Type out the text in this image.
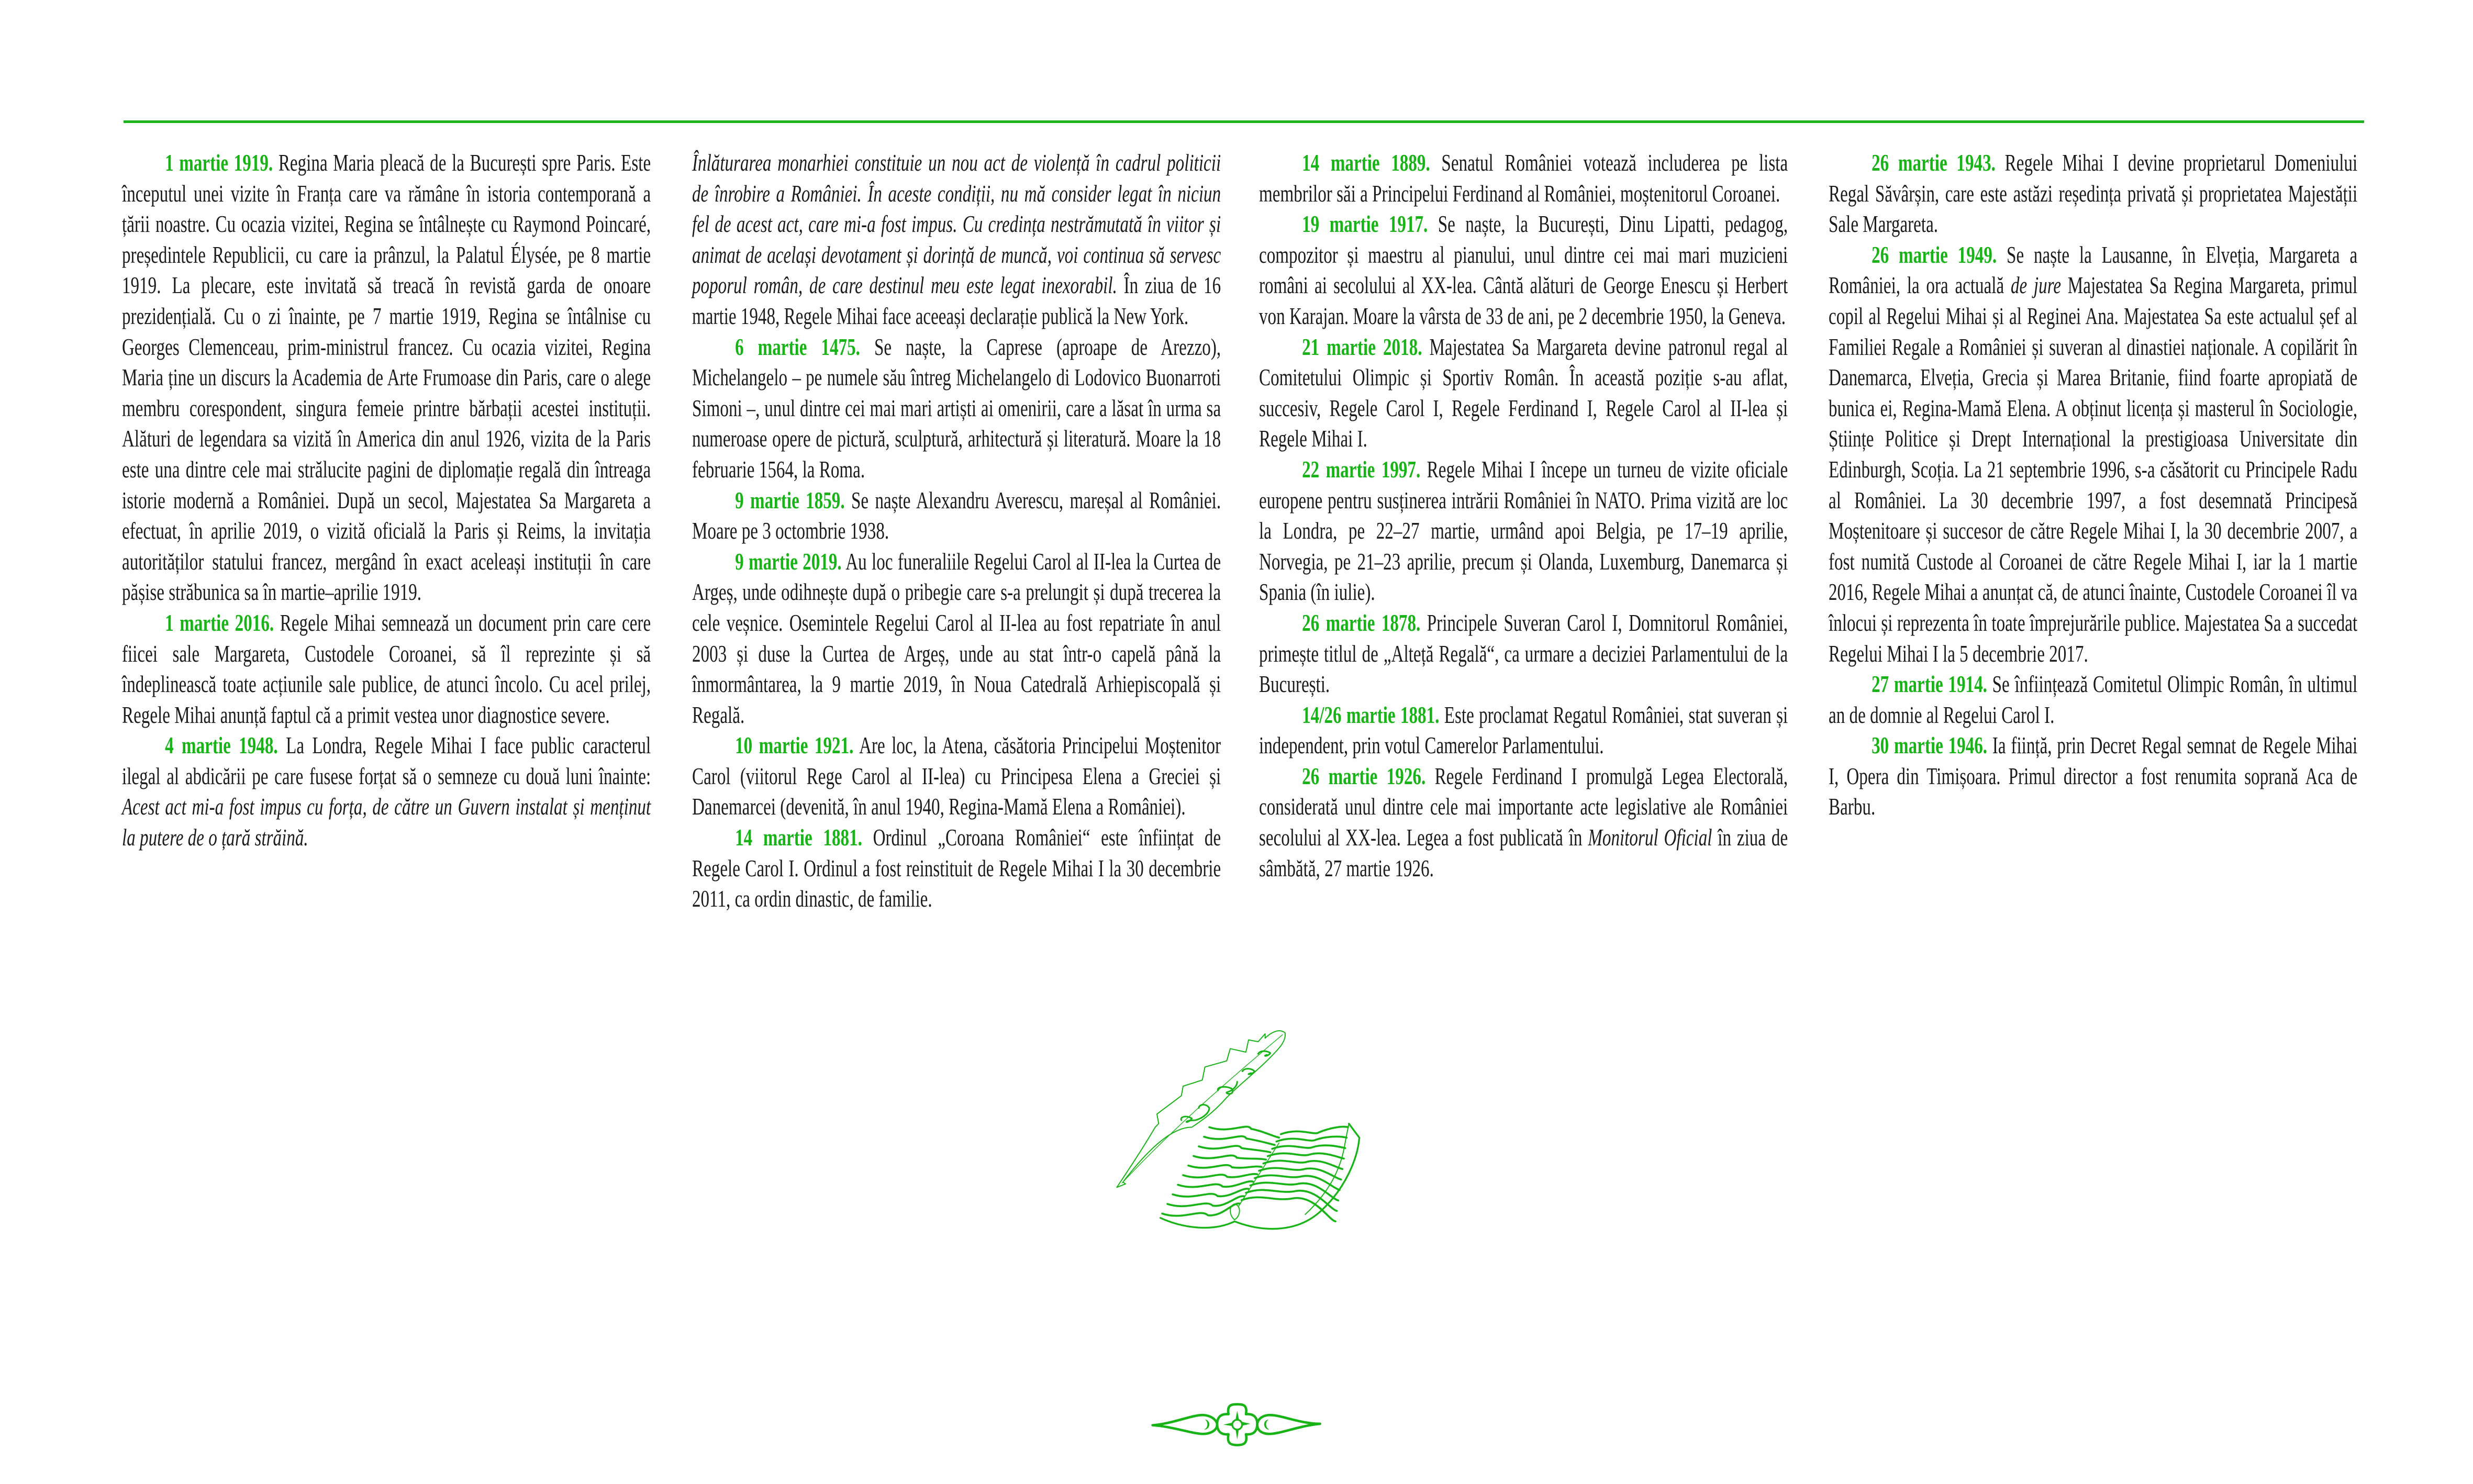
1 martie 1919. Regina Maria pleacă de la București spre Paris. Este începutul unei vizite în Franța care va rămâne în istoria contemporană a țării noastre. Cu ocazia vizitei, Regina se întâlnește cu Raymond Poincaré, președintele Republicii, cu care ia prânzul, la Palatul Élysée, pe 8 martie 1919. La plecare, este invitată să treacă în revistă garda de onoare prezidențială. Cu o zi înainte, pe 7 martie 1919, Regina se întâlnise cu Georges Clemenceau, prim-ministrul francez. Cu ocazia vizitei, Regina Maria ține un discurs la Academia de Arte Frumoase din Paris, care o alege membru corespondent, singura femeie printre bărbații acestei instituții. Alături de legendara sa vizită în America din anul 1926, vizita de la Paris este una dintre cele mai strălucite pagini de diplomație regală din întreaga istorie modernă a României. După un secol, Majestatea Sa Margareta a efectuat, în aprilie 2019, o vizită oficială la Paris și Reims, la invitația autorităților statului francez, mergând în exact aceleași instituții în care pășise străbunica sa în martie–aprilie 1919.

1 martie 2016. Regele Mihai semnează un document prin care cere fiicei sale Margareta, Custodele Coroanei, să îl reprezinte și să îndeplinească toate acțiunile sale publice, de atunci încolo. Cu acel prilej, Regele Mihai anunță faptul că a primit vestea unor diagnostice severe.

4 martie 1948. La Londra, Regele Mihai I face public caracterul ilegal al abdicării pe care fusese forțat să o semneze cu două luni înainte: Acest act mi-a fost impus cu forța, de către un Guvern instalat și menținut la putere de o țară străină.

Înlăturarea monarhiei constituie un nou act de violență în cadrul politicii de înrobire a României. În aceste condiții, nu mă consider legat în niciun fel de acest act, care mi-a fost impus. Cu credința nestrămutată în viitor și animat de același devotament și dorință de muncă, voi continua să servesc poporul român, de care destinul meu este legat inexorabil. În ziua de 16 martie 1948, Regele Mihai face aceeași declarație publică la New York.

6 martie 1475. Se naște, la Caprese (aproape de Arezzo), Michelangelo – pe numele său întreg Michelangelo di Lodovico Buonarroti Simoni –, unul dintre cei mai mari artiști ai omenirii, care a lăsat în urma sa numeroase opere de pictură, sculptură, arhitectură și literatură. Moare la 18 februarie 1564, la Roma.

9 martie 1859. Se naște Alexandru Averescu, mareșal al României. Moare pe 3 octombrie 1938.

9 martie 2019. Au loc funeraliile Regelui Carol al II-lea la Curtea de Argeș, unde odihnește după o pribegie care s-a prelungit și după trecerea la cele veșnice. Osemintele Regelui Carol al II-lea au fost repatriate în anul 2003 și duse la Curtea de Argeș, unde au stat într-o capelă până la înmormântarea, la 9 martie 2019, în Noua Catedrală Arhiepiscopală și Regală.

10 martie 1921. Are loc, la Atena, căsătoria Principelui Moștenitor Carol (viitorul Rege Carol al II-lea) cu Principesa Elena a Greciei și Danemarcei (devenită, în anul 1940, Regina-Mamă Elena a României).

14 martie 1881. Ordinul „Coroana României“ este înființat de Regele Carol I. Ordinul a fost reinstituit de Regele Mihai I la 30 decembrie 2011, ca ordin dinastic, de familie.

14 martie 1889. Senatul României votează includerea pe lista membrilor săi a Principelui Ferdinand al României, moștenitorul Coroanei.

19 martie 1917. Se naște, la București, Dinu Lipatti, pedagog, compozitor și maestru al pianului, unul dintre cei mai mari muzicieni români ai secolului al XX-lea. Cântă alături de George Enescu și Herbert von Karajan. Moare la vârsta de 33 de ani, pe 2 decembrie 1950, la Geneva.

21 martie 2018. Majestatea Sa Margareta devine patronul regal al Comitetului Olimpic și Sportiv Român. În această poziție s-au aflat, succesiv, Regele Carol I, Regele Ferdinand I, Regele Carol al II-lea și Regele Mihai I.

22 martie 1997. Regele Mihai I începe un turneu de vizite oficiale europene pentru susținerea intrării României în NATO. Prima vizită are loc la Londra, pe 22–27 martie, urmând apoi Belgia, pe 17–19 aprilie, Norvegia, pe 21–23 aprilie, precum și Olanda, Luxemburg, Danemarca și Spania (în iulie).

26 martie 1878. Principele Suveran Carol I, Domnitorul României, primește titlul de „Alteță Regală“, ca urmare a deciziei Parlamentului de la București.

14/26 martie 1881. Este proclamat Regatul României, stat suveran și independent, prin votul Camerelor Parlamentului.

26 martie 1926. Regele Ferdinand I promulgă Legea Electorală, considerată unul dintre cele mai importante acte legislative ale României secolului al XX-lea. Legea a fost publicată în Monitorul Oficial în ziua de sâmbătă, 27 martie 1926.

26 martie 1943. Regele Mihai I devine proprietarul Domeniului Regal Săvârșin, care este astăzi reședința privată și proprietatea Majestății Sale Margareta.

26 martie 1949. Se naște la Lausanne, în Elveția, Margareta a României, la ora actuală de jure Majestatea Sa Regina Margareta, primul copil al Regelui Mihai și al Reginei Ana. Majestatea Sa este actualul șef al Familiei Regale a României și suveran al dinastiei naționale. A copilărit în Danemarca, Elveția, Grecia și Marea Britanie, fiind foarte apropiată de bunica ei, Regina-Mamă Elena. A obținut licența și masterul în Sociologie, Științe Politice și Drept Internațional la prestigioasa Universitate din Edinburgh, Scoția. La 21 septembrie 1996, s-a căsătorit cu Principele Radu al României. La 30 decembrie 1997, a fost desemnată Principesă Moștenitoare și succesor de către Regele Mihai I, la 30 decembrie 2007, a fost numită Custode al Coroanei de către Regele Mihai I, iar la 1 martie 2016, Regele Mihai a anunțat că, de atunci înainte, Custodele Coroanei îl va înlocui și reprezenta în toate împrejurările publice. Majestatea Sa a succedat Regelui Mihai I la 5 decembrie 2017.

27 martie 1914. Se înființează Comitetul Olimpic Român, în ultimul an de domnie al Regelui Carol I.

30 martie 1946. Ia ființă, prin Decret Regal semnat de Regele Mihai I, Opera din Timișoara. Primul director a fost renumita soprană Aca de Barbu.
